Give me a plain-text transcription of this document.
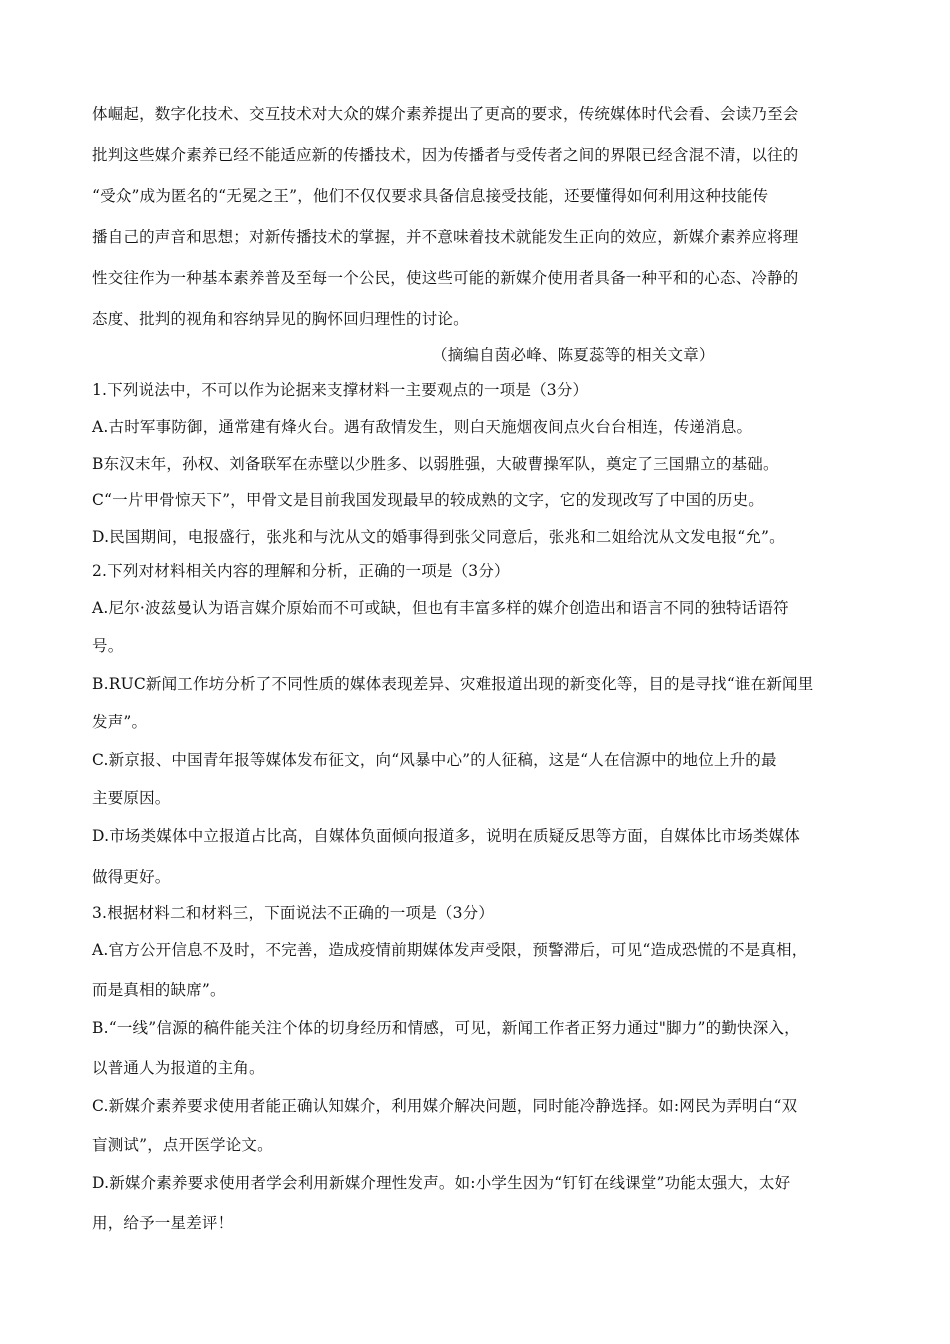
体崛起，数字化技术、交互技术对大众的媒介素养提出了更高的要求，传统媒体时代会看、会读乃至会
批判这些媒介素养已经不能适应新的传播技术，因为传播者与受传者之间的界限已经含混不清，以往的
“受众”成为匿名的“无冕之王”，他们不仅仅要求具备信息接受技能，还要懂得如何利用这种技能传
播自己的声音和思想；对新传播技术的掌握，并不意味着技术就能发生正向的效应，新媒介素养应将理
性交往作为一种基本素养普及至每一个公民，使这些可能的新媒介使用者具备一种平和的心态、冷静的
态度、批判的视角和容纳异见的胸怀回归理性的讨论。
（摘编自茵必峰、陈夏蕊等的相关文章）
1.下列说法中，不可以作为论据来支撑材料一主要观点的一项是（3分）
A.古时军事防御，通常建有烽火台。遇有敌情发生，则白天施烟夜间点火台台相连，传递消息。
B东汉末年，孙权、刘备联军在赤壁以少胜多、以弱胜强，大破曹操军队，奠定了三国鼎立的基础。
C“一片甲骨惊天下”，甲骨文是目前我国发现最早的较成熟的文字，它的发现改写了中国的历史。
D.民国期间，电报盛行，张兆和与沈从文的婚事得到张父同意后，张兆和二姐给沈从文发电报“允”。
2.下列对材料相关内容的理解和分析，正确的一项是（3分）
A.尼尔·波兹曼认为语言媒介原始而不可或缺，但也有丰富多样的媒介创造出和语言不同的独特话语符
号。
B.RUC新闻工作坊分析了不同性质的媒体表现差异、灾难报道出现的新变化等，目的是寻找“谁在新闻里
发声”。
C.新京报、中国青年报等媒体发布征文，向“风暴中心”的人征稿，这是“人在信源中的地位上升的最
主要原因。
D.市场类媒体中立报道占比高，自媒体负面倾向报道多，说明在质疑反思等方面，自媒体比市场类媒体
做得更好。
3.根据材料二和材料三，下面说法不正确的一项是（3分）
A.官方公开信息不及时，不完善，造成疫情前期媒体发声受限，预警滞后，可见“造成恐慌的不是真相，
而是真相的缺席”。
B.“一线”信源的稿件能关注个体的切身经历和情感，可见，新闻工作者正努力通过"脚力”的勤快深入，
以普通人为报道的主角。
C.新媒介素养要求使用者能正确认知媒介，利用媒介解决问题，同时能冷静选择。如:网民为弄明白“双
盲测试”，点开医学论文。
D.新媒介素养要求使用者学会利用新媒介理性发声。如:小学生因为“钉钉在线课堂”功能太强大，太好
用，给予一星差评！
